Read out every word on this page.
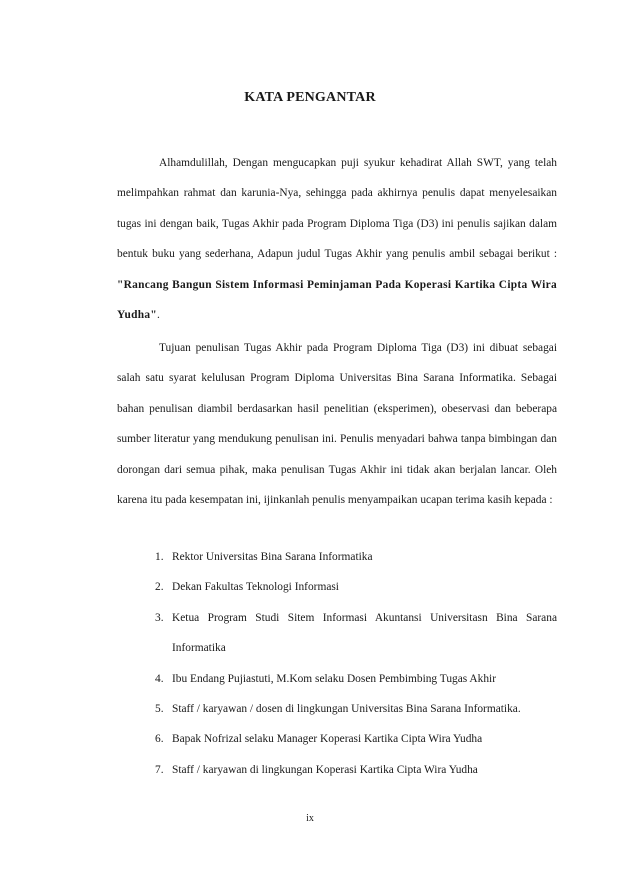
KATA PENGANTAR

Alhamdulillah, Dengan mengucapkan puji syukur kehadirat Allah SWT, yang telah melimpahkan rahmat dan karunia-Nya, sehingga pada akhirnya penulis dapat menyelesaikan tugas ini dengan baik, Tugas Akhir pada Program Diploma Tiga (D3) ini penulis sajikan dalam bentuk buku yang sederhana, Adapun judul Tugas Akhir yang penulis ambil sebagai berikut : "Rancang Bangun Sistem Informasi Peminjaman Pada Koperasi Kartika Cipta Wira Yudha".

Tujuan penulisan Tugas Akhir pada Program Diploma Tiga (D3) ini dibuat sebagai salah satu syarat kelulusan Program Diploma Universitas Bina Sarana Informatika. Sebagai bahan penulisan diambil berdasarkan hasil penelitian (eksperimen), obeservasi dan beberapa sumber literatur yang mendukung penulisan ini. Penulis menyadari bahwa tanpa bimbingan dan dorongan dari semua pihak, maka penulisan Tugas Akhir ini tidak akan berjalan lancar. Oleh karena itu pada kesempatan ini, ijinkanlah penulis menyampaikan ucapan terima kasih kepada :

1. Rektor Universitas Bina Sarana Informatika
2. Dekan Fakultas Teknologi Informasi
3. Ketua Program Studi Sitem Informasi Akuntansi Universitasn Bina Sarana Informatika
4. Ibu Endang Pujiastuti, M.Kom selaku Dosen Pembimbing Tugas Akhir
5. Staff / karyawan / dosen di lingkungan Universitas Bina Sarana Informatika.
6. Bapak Nofrizal selaku Manager Koperasi Kartika Cipta Wira Yudha
7. Staff / karyawan di lingkungan Koperasi Kartika Cipta Wira Yudha
ix
